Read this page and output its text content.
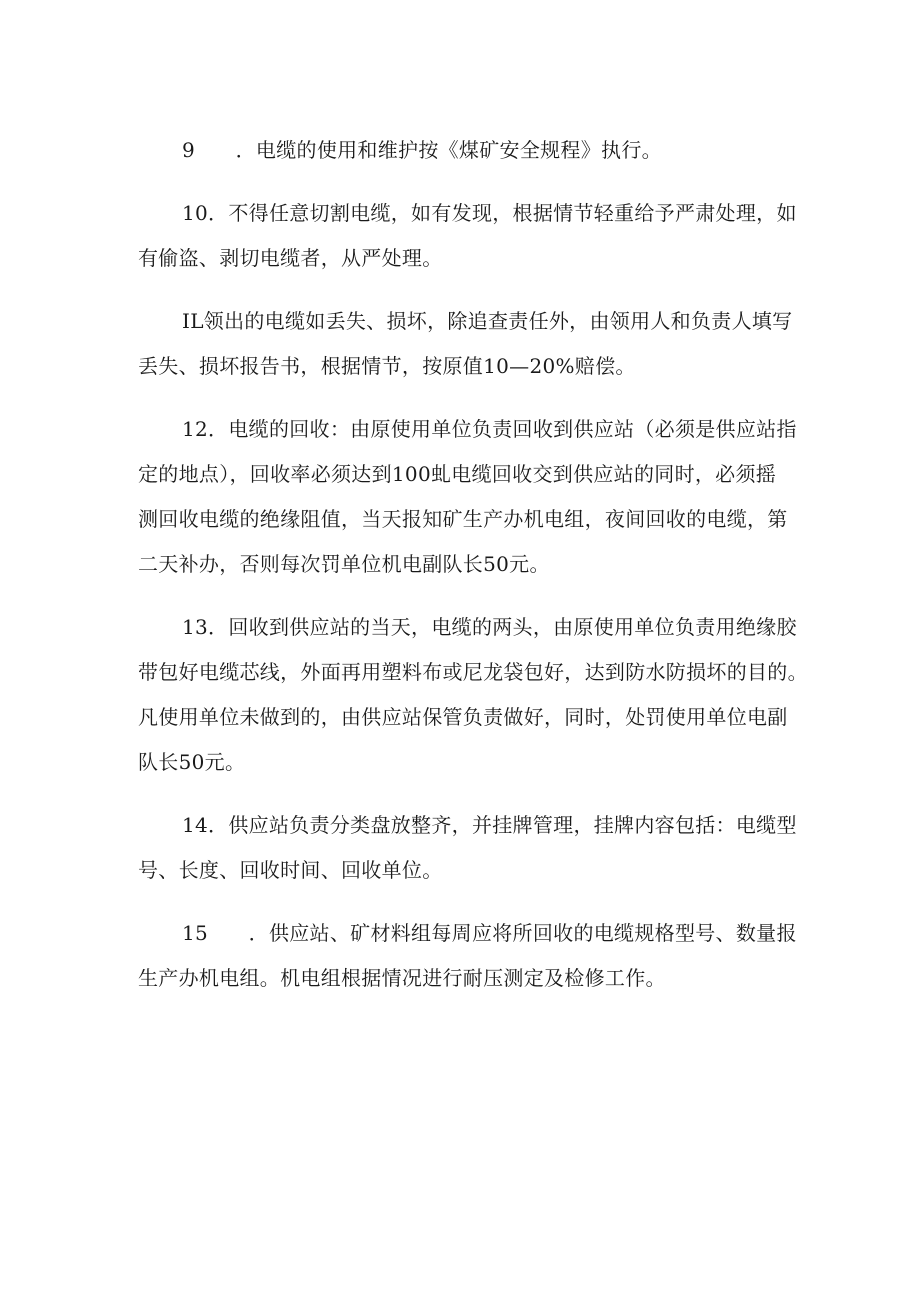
9　　．电缆的使用和维护按《煤矿安全规程》执行。

10．不得任意切割电缆，如有发现，根据情节轻重给予严肃处理，如
有偷盗、剥切电缆者，从严处理。

IL领出的电缆如丢失、损坏，除追查责任外，由领用人和负责人填写
丢失、损坏报告书，根据情节，按原值10—20%赔偿。

12．电缆的回收：由原使用单位负责回收到供应站（必须是供应站指
定的地点），回收率必须达到100虬电缆回收交到供应站的同时，必须摇
测回收电缆的绝缘阻值，当天报知矿生产办机电组，夜间回收的电缆，第
二天补办，否则每次罚单位机电副队长50元。

13．回收到供应站的当天，电缆的两头，由原使用单位负责用绝缘胶
带包好电缆芯线，外面再用塑料布或尼龙袋包好，达到防水防损坏的目的。
凡使用单位未做到的，由供应站保管负责做好，同时，处罚使用单位电副
队长50元。

14．供应站负责分类盘放整齐，并挂牌管理，挂牌内容包括：电缆型
号、长度、回收时间、回收单位。

15　　．供应站、矿材料组每周应将所回收的电缆规格型号、数量报
生产办机电组。机电组根据情况进行耐压测定及检修工作。
